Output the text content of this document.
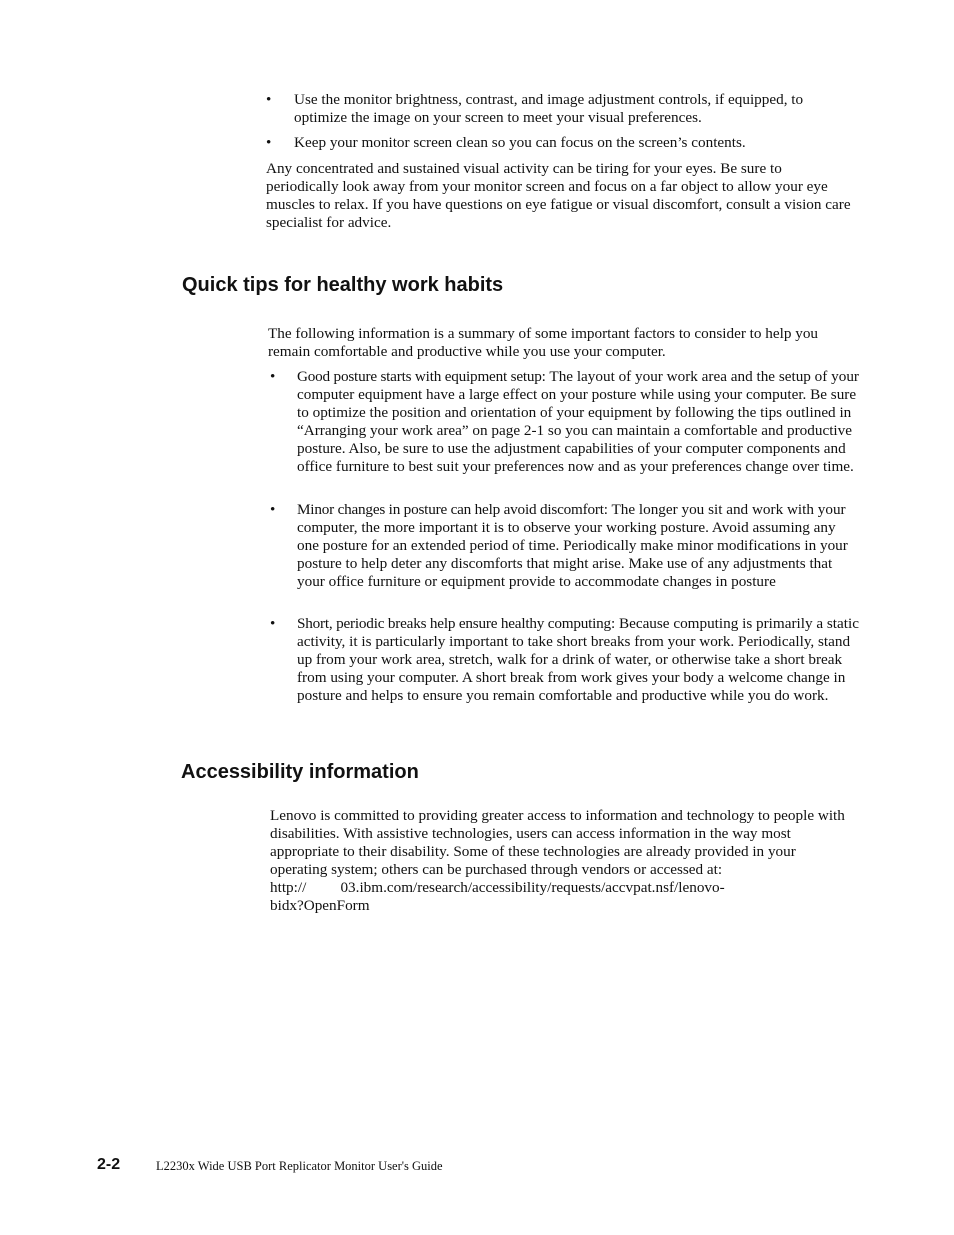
• Use the monitor brightness, contrast, and image adjustment controls, if equipped, to optimize the image on your screen to meet your visual preferences.
• Keep your monitor screen clean so you can focus on the screen’s contents.
Any concentrated and sustained visual activity can be tiring for your eyes. Be sure to periodically look away from your monitor screen and focus on a far object to allow your eye muscles to relax. If you have questions on eye fatigue or visual discomfort, consult a vision care specialist for advice.
Quick tips for healthy work habits
The following information is a summary of some important factors to consider to help you remain comfortable and productive while you use your computer.
• Good posture starts with equipment setup: The layout of your work area and the setup of your computer equipment have a large effect on your posture while using your computer. Be sure to optimize the position and orientation of your equipment by following the tips outlined in “Arranging your work area” on page 2-1 so you can maintain a comfortable and productive posture. Also, be sure to use the adjustment capabilities of your computer components and office furniture to best suit your preferences now and as your preferences change over time.
• Minor changes in posture can help avoid discomfort: The longer you sit and work with your computer, the more important it is to observe your working posture. Avoid assuming any one posture for an extended period of time. Periodically make minor modifications in your posture to help deter any discomforts that might arise. Make use of any adjustments that your office furniture or equipment provide to accommodate changes in posture
• Short, periodic breaks help ensure healthy computing: Because computing is primarily a static activity, it is particularly important to take short breaks from your work. Periodically, stand up from your work area, stretch, walk for a drink of water, or otherwise take a short break from using your computer. A short break from work gives your body a welcome change in posture and helps to ensure you remain comfortable and productive while you do work.
Accessibility information
Lenovo is committed to providing greater access to information and technology to people with disabilities. With assistive technologies, users can access information in the way most appropriate to their disability. Some of these technologies are already provided in your operating system; others can be purchased through vendors or accessed at:
http://         03.ibm.com/research/accessibility/requests/accvpat.nsf/lenovo-
bidx?OpenForm
2-2	L2230x Wide USB Port Replicator Monitor User's Guide
